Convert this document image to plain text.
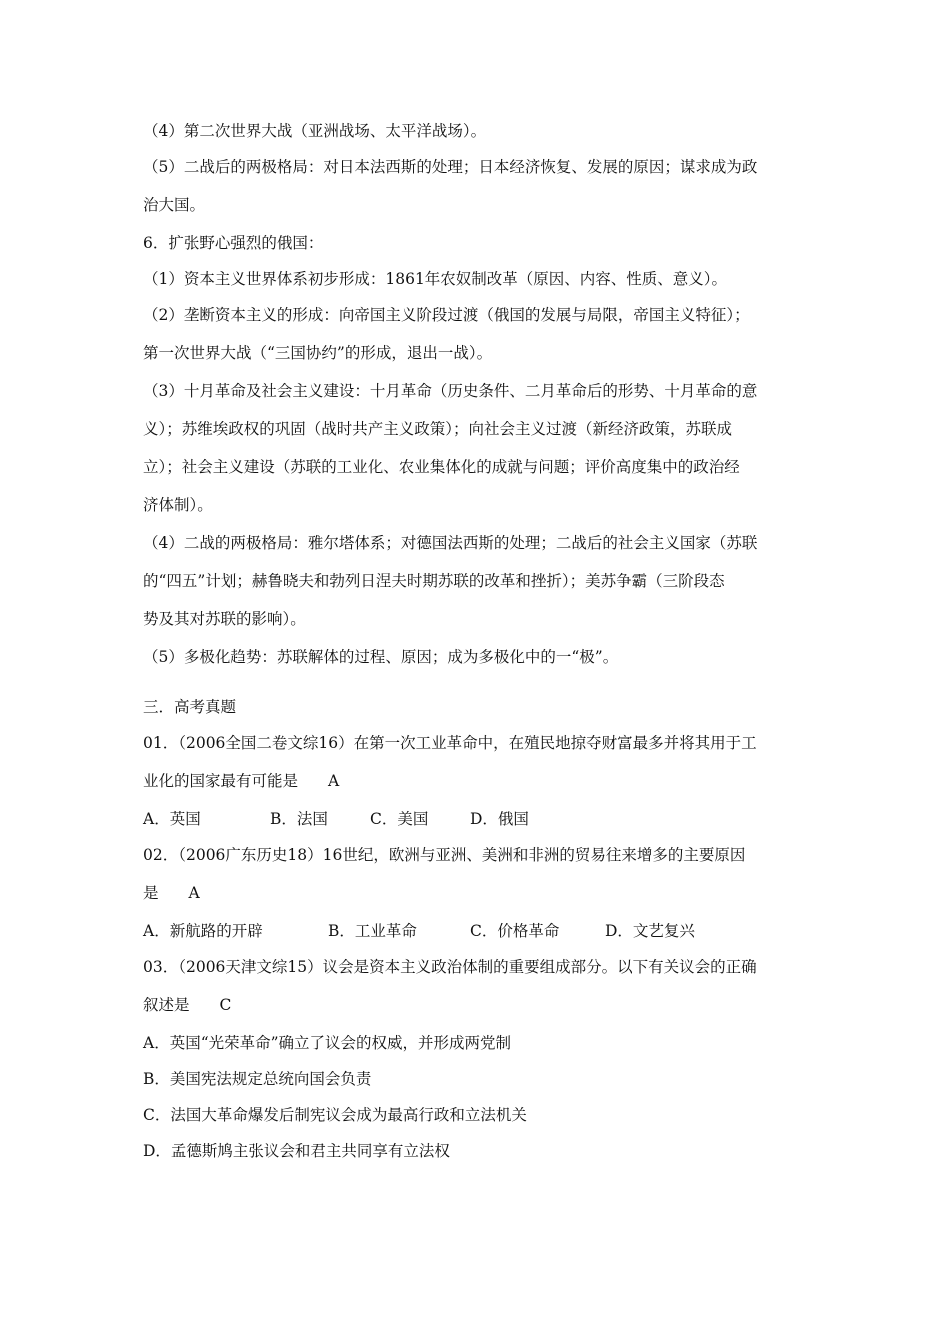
（4）第二次世界大战（亚洲战场、太平洋战场）。
（5）二战后的两极格局：对日本法西斯的处理；日本经济恢复、发展的原因；谋求成为政
治大国。
6．扩张野心强烈的俄国：
（1）资本主义世界体系初步形成：1861年农奴制改革（原因、内容、性质、意义）。
（2）垄断资本主义的形成：向帝国主义阶段过渡（俄国的发展与局限，帝国主义特征）；
第一次世界大战（“三国协约”的形成，退出一战）。
（3）十月革命及社会主义建设：十月革命（历史条件、二月革命后的形势、十月革命的意
义）；苏维埃政权的巩固（战时共产主义政策）；向社会主义过渡（新经济政策，苏联成
立）；社会主义建设（苏联的工业化、农业集体化的成就与问题；评价高度集中的政治经
济体制）。
（4）二战的两极格局：雅尔塔体系；对德国法西斯的处理；二战后的社会主义国家（苏联
的“四五”计划；赫鲁晓夫和勃列日涅夫时期苏联的改革和挫折）；美苏争霸（三阶段态
势及其对苏联的影响）。
（5）多极化趋势：苏联解体的过程、原因；成为多极化中的一“极”。
三．高考真题
01．（2006全国二卷文综16）在第一次工业革命中，在殖民地掠夺财富最多并将其用于工
业化的国家最有可能是 A
A．英国	B．法国	C．美国	D．俄国
02．（2006广东历史18）16世纪，欧洲与亚洲、美洲和非洲的贸易往来增多的主要原因
是 A
A．新航路的开辟	B．工业革命	C．价格革命	D．文艺复兴
03．（2006天津文综15）议会是资本主义政治体制的重要组成部分。以下有关议会的正确
叙述是 C
A．英国“光荣革命”确立了议会的权威，并形成两党制
B．美国宪法规定总统向国会负责
C．法国大革命爆发后制宪议会成为最高行政和立法机关
D．孟德斯鸠主张议会和君主共同享有立法权
